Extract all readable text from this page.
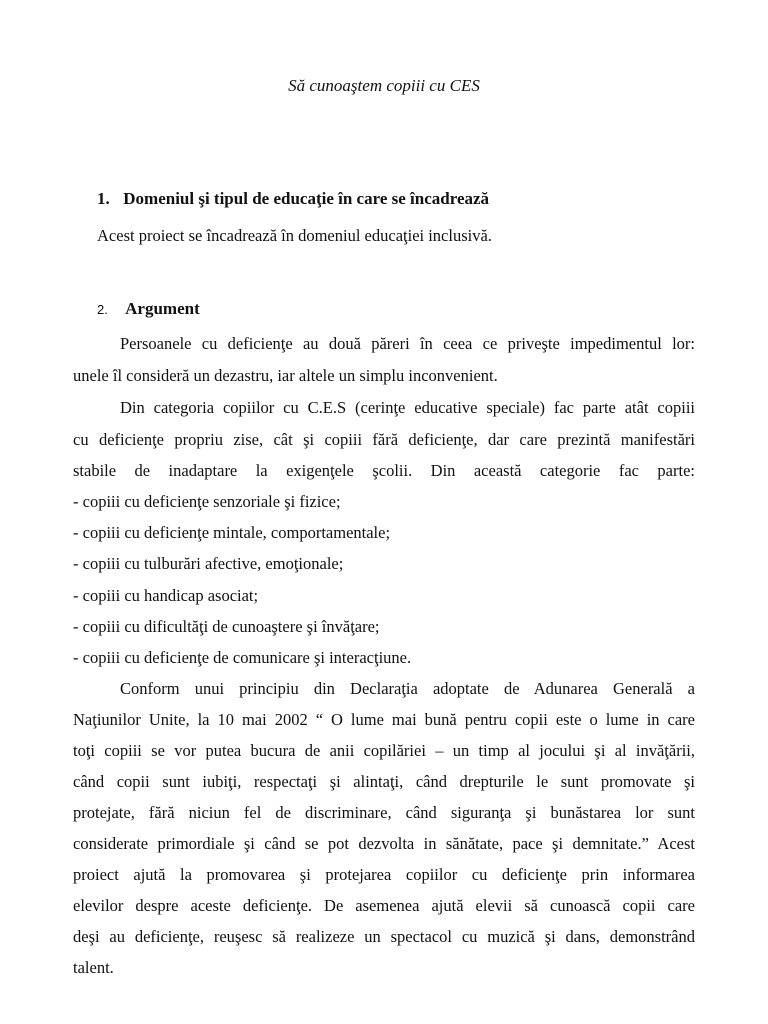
Să cunoaştem copiii cu CES
1. Domeniul şi tipul de educaţie în care se încadrează
Acest proiect se încadrează în domeniul educaţiei inclusivă.
2. Argument
Persoanele cu deficienţe au două păreri în ceea ce priveşte impedimentul lor:
unele îl consideră un dezastru, iar altele un simplu inconvenient.
Din categoria copiilor cu C.E.S (cerinţe educative speciale) fac parte atât copiii
cu deficienţe propriu zise, cât şi copiii fără deficienţe, dar care prezintă manifestări
stabile de inadaptare la exigenţele şcolii. Din această categorie fac parte:
- copiii cu deficienţe senzoriale şi fizice;
- copiii cu deficienţe mintale, comportamentale;
- copiii cu tulburări afective, emoţionale;
- copiii cu handicap asociat;
- copiii cu dificultăţi de cunoaştere şi învăţare;
- copiii cu deficienţe de comunicare şi interacţiune.
Conform unui principiu din Declaraţia adoptate de Adunarea Generală a
Naţiunilor Unite, la 10 mai 2002 “ O lume mai bună pentru copii este o lume in care
toţi copiii se vor putea bucura de anii copilăriei – un timp al jocului şi al invăţării,
când copii sunt iubiţi, respectaţi şi alintaţi, când drepturile le sunt promovate şi
protejate, fără niciun fel de discriminare, când siguranţa şi bunăstarea lor sunt
considerate primordiale şi când se pot dezvolta in sănătate, pace şi demnitate.” Acest
proiect ajută la promovarea şi protejarea copiilor cu deficienţe prin informarea
elevilor despre aceste deficienţe. De asemenea ajută elevii să cunoască copii care
deşi au deficienţe, reuşesc să realizeze un spectacol cu muzică şi dans, demonstrând
talent.
